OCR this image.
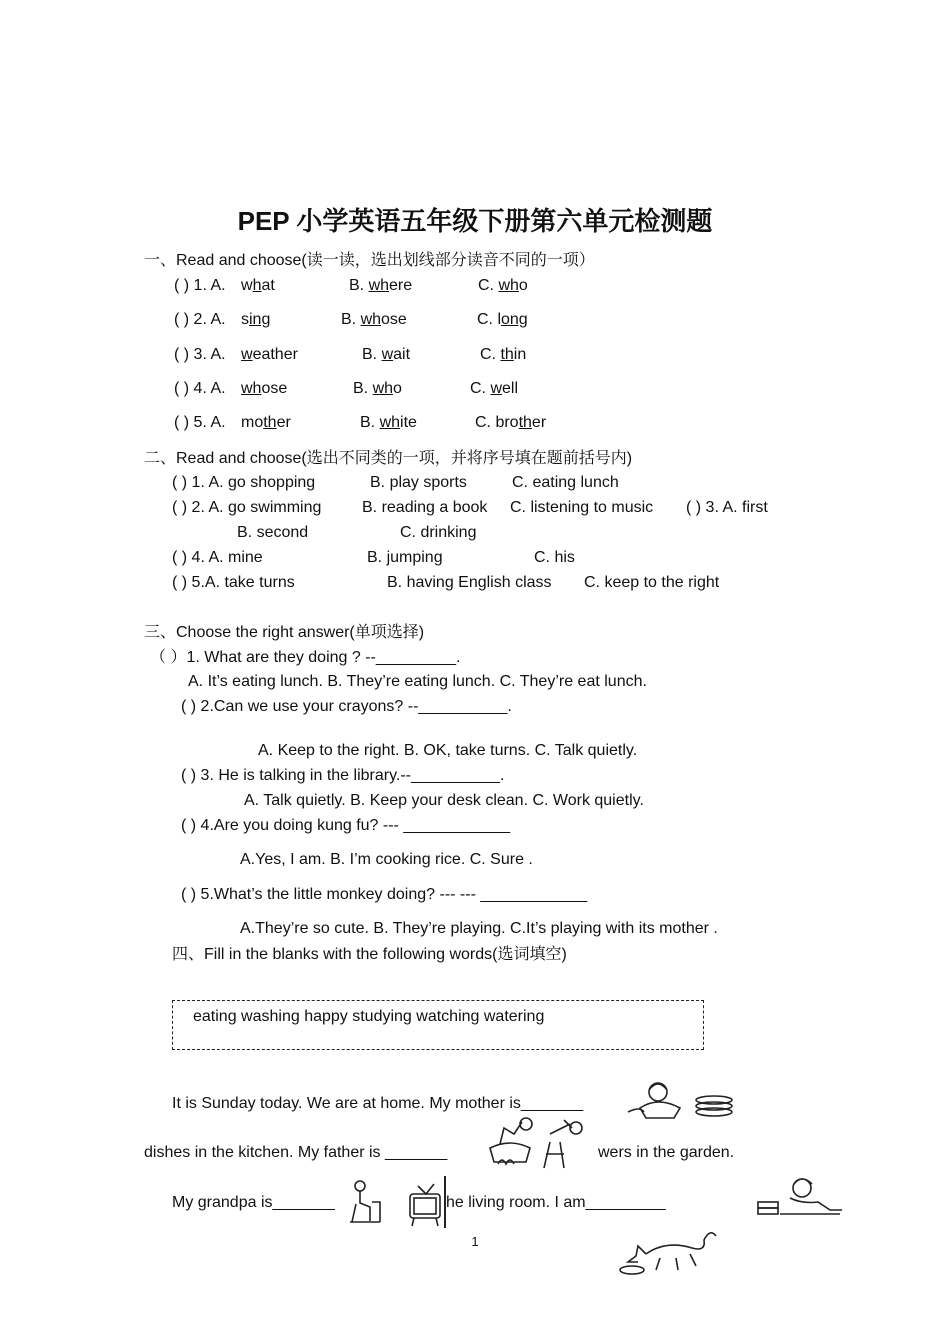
PEP 小学英语五年级下册第六单元检测题
一、Read and choose(读一读，选出划线部分读音不同的一项）
( ) 1. A. what	B. where	C. who
( ) 2. A. sing	B. whose	C. long
( ) 3. A. weather	B. wait	C. thin
( ) 4. A. whose	B. who	C. well
( ) 5. A. mother	B. white	C. brother
二、Read and choose(选出不同类的一项，并将序号填在题前括号内)
( ) 1. A. go shopping	B. play sports	C. eating lunch
( ) 2. A. go swimming	B. reading a book C. listening to music ( ) 3. A. first
B. second	C. drinking
( ) 4. A. mine	B. jumping	C. his
( ) 5.A. take turns	B. having English class C. keep to the right
三、Choose the right answer(单项选择)
（ ）1. What are they doing ? --_________.
A. It’s eating lunch. B. They’re eating lunch. C. They’re eat lunch.
( ) 2.Can we use your crayons? --__________.
A. Keep to the right. B. OK, take turns. C. Talk quietly.
( ) 3. He is talking in the library.--__________.
A. Talk quietly. B. Keep your desk clean. C. Work quietly.
( ) 4.Are you doing kung fu? --- ____________
A.Yes, I am. B. I’m cooking rice. C. Sure .
( ) 5.What’s the little monkey doing? --- --- ____________
A.They’re so cute. B. They’re playing. C.It’s playing with its mother .
四、Fill in the blanks with the following words(选词填空)
eating washing happy studying watching watering
It is Sunday today. We are at home. My mother is_______
dishes in the kitchen. My father is _______	wers in the garden.
My grandpa is_______	he living room. I am_________
1
